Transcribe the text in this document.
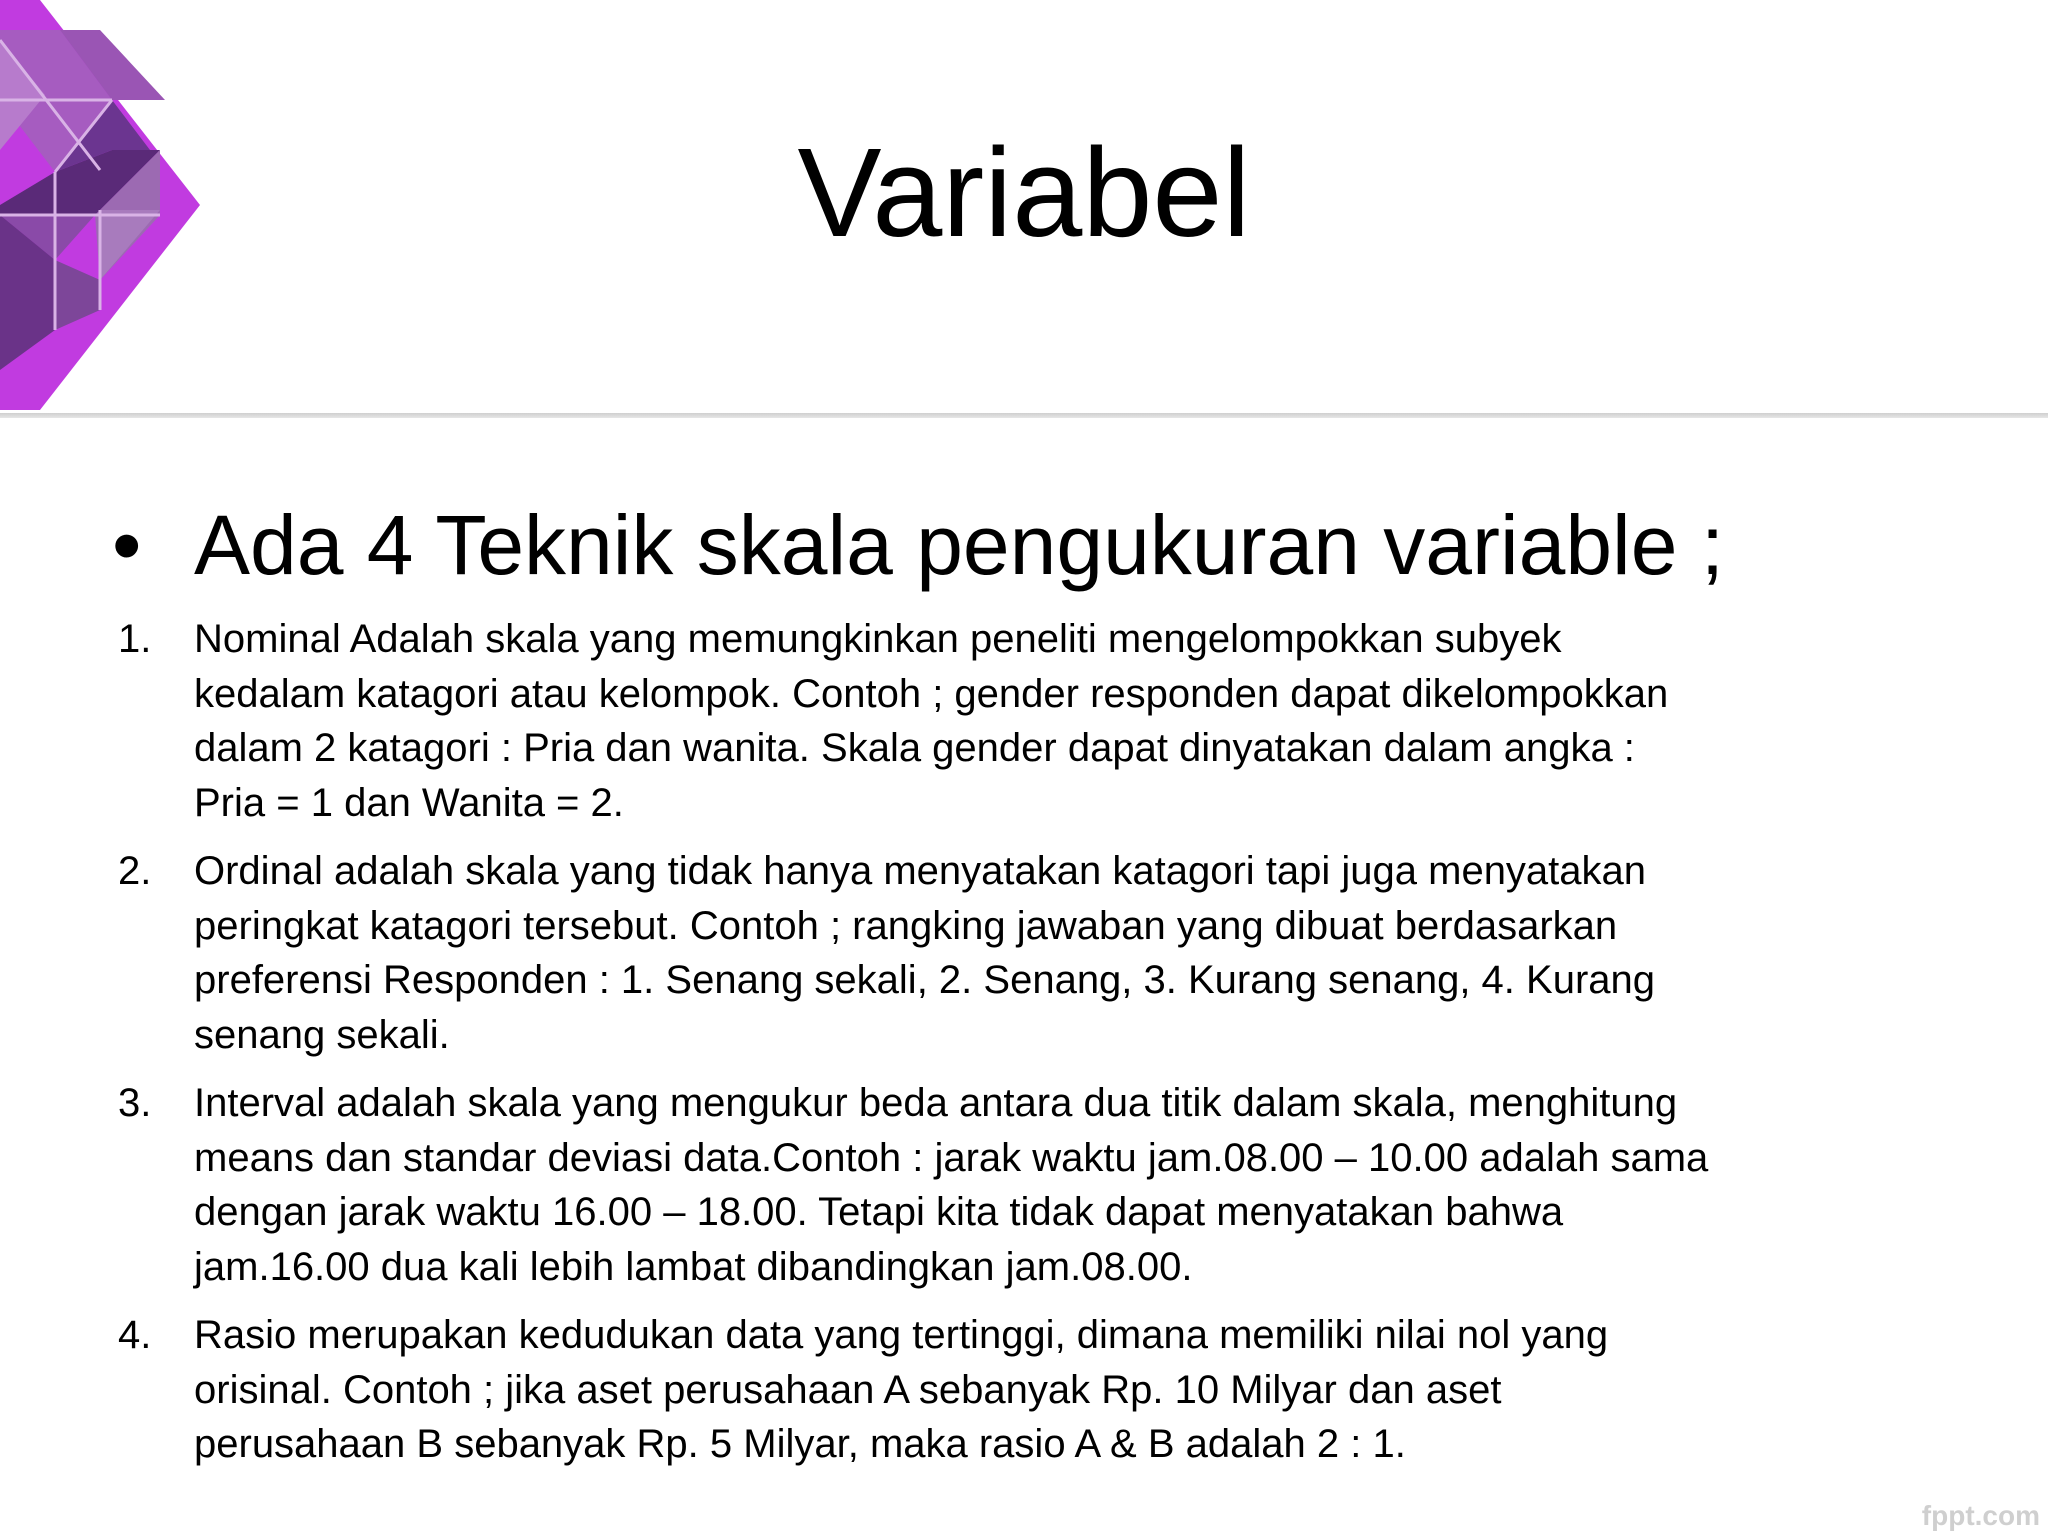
Variabel
• Ada 4 Teknik skala pengukuran variable ;
1. Nominal Adalah skala yang memungkinkan peneliti mengelompokkan subyek
kedalam katagori atau kelompok. Contoh ; gender responden dapat dikelompokkan
dalam 2 katagori : Pria dan wanita. Skala gender dapat dinyatakan dalam angka :
Pria = 1 dan Wanita = 2.
2. Ordinal adalah skala yang tidak hanya menyatakan katagori tapi juga menyatakan
peringkat katagori tersebut. Contoh ; rangking jawaban yang dibuat berdasarkan
preferensi Responden : 1. Senang sekali, 2. Senang, 3. Kurang senang, 4. Kurang
senang sekali.
3. Interval adalah skala yang mengukur beda antara dua titik dalam skala, menghitung
means dan standar deviasi data.Contoh : jarak waktu jam.08.00 – 10.00 adalah sama
dengan jarak waktu 16.00 – 18.00. Tetapi kita tidak dapat menyatakan bahwa
jam.16.00 dua kali lebih lambat dibandingkan jam.08.00.
4. Rasio merupakan kedudukan data yang tertinggi, dimana memiliki nilai nol yang
orisinal. Contoh ; jika aset perusahaan A sebanyak Rp. 10 Milyar dan aset
perusahaan B sebanyak Rp. 5 Milyar, maka rasio A & B adalah 2 : 1.
fppt.com
